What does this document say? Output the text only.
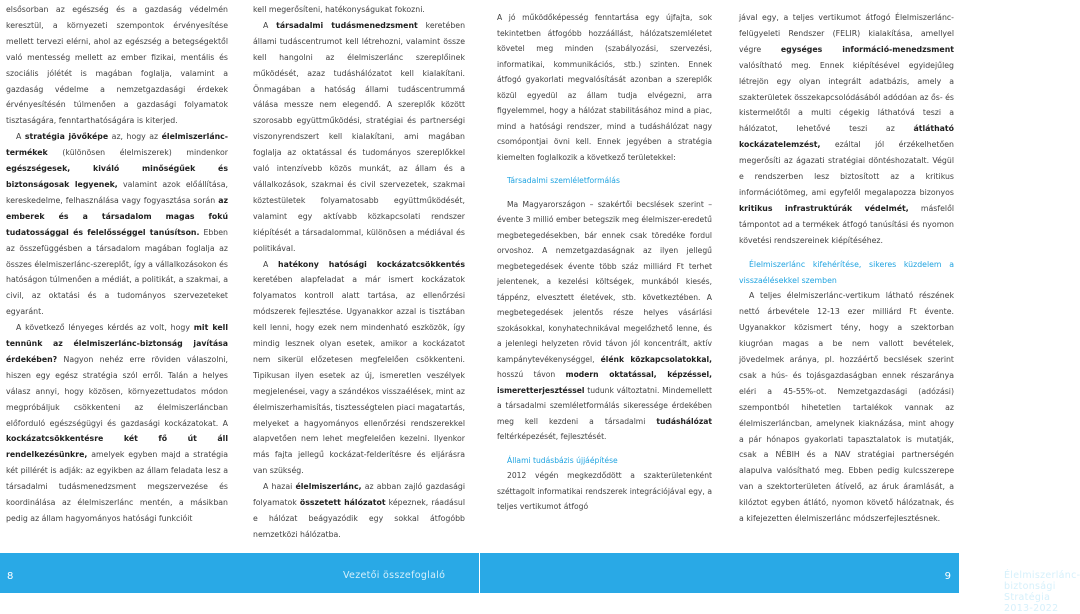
elsősorban az egészség és a gazdaság védelmén keresztül, a környezeti szempontok érvényesítése mellett tervezi elérni, ahol az egészség a betegségektől való mentesség mellett az ember fizikai, mentális és szociális jólétét is magában foglalja, valamint a gazdaság védelme a nemzetgazdasági érdekek érvényesítésén túlmenően a gazdasági folyamatok tisztaságára, fenntarthatóságára is kiterjed.

A stratégia jövőképe az, hogy az élelmiszerlánc-termékek (különösen élelmiszerek) mindenkor egészségesek, kiváló minőségűek és biztonságosak legyenek, valamint azok előállítása, kereskedelme, felhasználása vagy fogyasztása során az emberek és a társadalom magas fokú tudatossággal és felelősséggel tanúsítson. Ebben az összefüggésben a társadalom magában foglalja az összes élelmiszerlánc-szereplőt, így a vállalkozásokon és hatóságon túlmenően a médiát, a politikát, a szakmai, a civil, az oktatási és a tudományos szervezeteket egyaránt.

A következő lényeges kérdés az volt, hogy mit kell tennünk az élelmiszerlánc-biztonság javítása érdekében? Nagyon nehéz erre röviden válaszolni, hiszen egy egész stratégia szól erről. Talán a helyes válasz annyi, hogy közösen, környezettudatos módon megpróbáljuk csökkenteni az élelmiszerláncban előforduló egészségügyi és gazdasági kockázatokat. A kockázatcsökkentésre két fő út áll rendelkezésünkre, amelyek egyben majd a stratégia két pillérét is adják: az egyikben az állam feladata lesz a társadalmi tudásmenedzsment megszervezése és koordinálása az élelmiszerlánc mentén, a másikban pedig az állam hagyományos hatósági funkcióit

kell megerősíteni, hatékonyságukat fokozni.

A társadalmi tudásmenedzsment keretében állami tudáscentrumot kell létrehozni, valamint össze kell hangolni az élelmiszerlánc szereplőinek működését, azaz tudáshálózatot kell kialakítani. Önmagában a hatóság állami tudáscentrummá válása messze nem elegendő. A szereplők között szorosabb együttműködési, stratégiai és partnerségi viszonyrendszert kell kialakítani, ami magában foglalja az oktatással és tudományos szereplőkkel való intenzívebb közös munkát, az állam és a vállalkozások, szakmai és civil szervezetek, szakmai köztestületek folyamatosabb együttműködését, valamint egy aktívabb közkapcsolati rendszer kiépítését a társadalommal, különösen a médiával és politikával.

A hatékony hatósági kockázatcsökkentés keretében alapfeladat a már ismert kockázatok folyamatos kontroll alatt tartása, az ellenőrzési módszerek fejlesztése. Ugyanakkor azzal is tisztában kell lenni, hogy ezek nem mindenható eszközök, így mindig lesznek olyan esetek, amikor a kockázatot nem sikerül előzetesen megfelelően csökkenteni. Tipikusan ilyen esetek az új, ismeretlen veszélyek megjelenései, vagy a szándékos visszaélések, mint az élelmiszerhamisítás, tisztességtelen piaci magatartás, melyeket a hagyományos ellenőrzési rendszerekkel alapvetően nem lehet megfelelően kezelni. Ilyenkor más fajta jellegű kockázat-felderítésre és eljárásra van szükség.

A hazai élelmiszerlánc, az abban zajló gazdasági folyamatok összetett hálózatot képeznek, ráadásul e hálózat beágyazódik egy sokkal átfogóbb nemzetközi hálózatba.

A jó működőképesség fenntartása egy újfajta, sok tekintetben átfogóbb hozzáállást, hálózatszemléletet követel meg minden (szabályozási, szervezési, informatikai, kommunikációs, stb.) szinten. Ennek átfogó gyakorlati megvalósítását azonban a szereplők közül egyedül az állam tudja elvégezni, arra figyelemmel, hogy a hálózat stabilitásához mind a piac, mind a hatósági rendszer, mind a tudáshálózat nagy csomópontjai övni kell. Ennek jegyében a stratégia kiemelten foglalkozik a következő területekkel:

Társadalmi szemléletformálás

Ma Magyarországon – szakértői becslések szerint – évente 3 millió ember betegszik meg élelmiszer-eredetű megbetegedésekben, bár ennek csak töredéke fordul orvoshoz. A nemzetgazdaságnak az ilyen jellegű megbetegedések évente több száz milliárd Ft terhet jelentenek, a kezelési költségek, munkából kiesés, táppénz, elvesztett életévek, stb. következtében. A megbetegedések jelentős része helyes vásárlási szokásokkal, konyhatechnikával megelőzhető lenne, és a jelenlegi helyzeten rövid távon jól koncentrált, aktív kampánytevékenységgel, élénk közkapcsolatokkal, hosszú távon modern oktatással, képzéssel, ismeretterjesztéssel tudunk változtatni. Mindemellett a társadalmi szemléletformálás sikeressége érdekében meg kell kezdeni a társadalmi tudáshálózat feltérképezését, fejlesztését.

Állami tudásbázis újjáépítése

2012 végén megkezdődött a szakterületenként széttagolt informatikai rendszerek integrációjával egy, a teljes vertikumot átfogó

jával egy, a teljes vertikumot átfogó Élelmiszerlánc-felügyeleti Rendszer (FELIR) kialakítása, amellyel végre egységes információ-menedzsment valósítható meg. Ennek kiépítésével egyidejűleg létrejön egy olyan integrált adatbázis, amely a szakterületek összekapcsolódásából adódóan az ős- és kistermelőtől a multi cégekig láthatóvá teszi a hálózatot, lehetővé teszi az átlátható kockázatelemzést, ezáltal jól érzékelhetően megerősíti az ágazati stratégiai döntéshozatalt. Végül e rendszerben lesz biztosított az a kritikus információtömeg, ami egyfelől megalapozza bizonyos kritikus infrastruktúrák védelmét, másfelől támpontot ad a termékek átfogó tanúsítási és nyomon követési rendszereinek kiépítéséhez.

Élelmiszerlánc kifehérítése, sikeres küzdelem a visszaélésekkel szemben

A teljes élelmiszerlánc-vertikum látható részének nettó árbevétele 12-13 ezer milliárd Ft évente. Ugyanakkor közismert tény, hogy a szektorban kiugróan magas a be nem vallott bevételek, jövedelmek aránya, pl. hozzáértő becslések szerint csak a hús- és tojásgazdaságban ennek részaránya eléri a 45-55%-ot. Nemzetgazdasági (adózási) szempontból hihetetlen tartalékok vannak az élelmiszerláncban, amelynek kiaknázása, mint ahogy a pár hónapos gyakorlati tapasztalatok is mutatják, csak a NÉBIH és a NAV stratégiai partnerségén alapulva valósítható meg. Ebben pedig kulcsszerepe van a szektorterületen átívelő, az áruk áramlását, a kilóztot egyben átlátó, nyomon követő hálózatnak, és a kifejezetten élelmiszerlánc módszerfejlesztésnek.

8	Vezetői összefoglaló	Élelmiszerlánc-biztonsági Stratégia 2013-2022
9
